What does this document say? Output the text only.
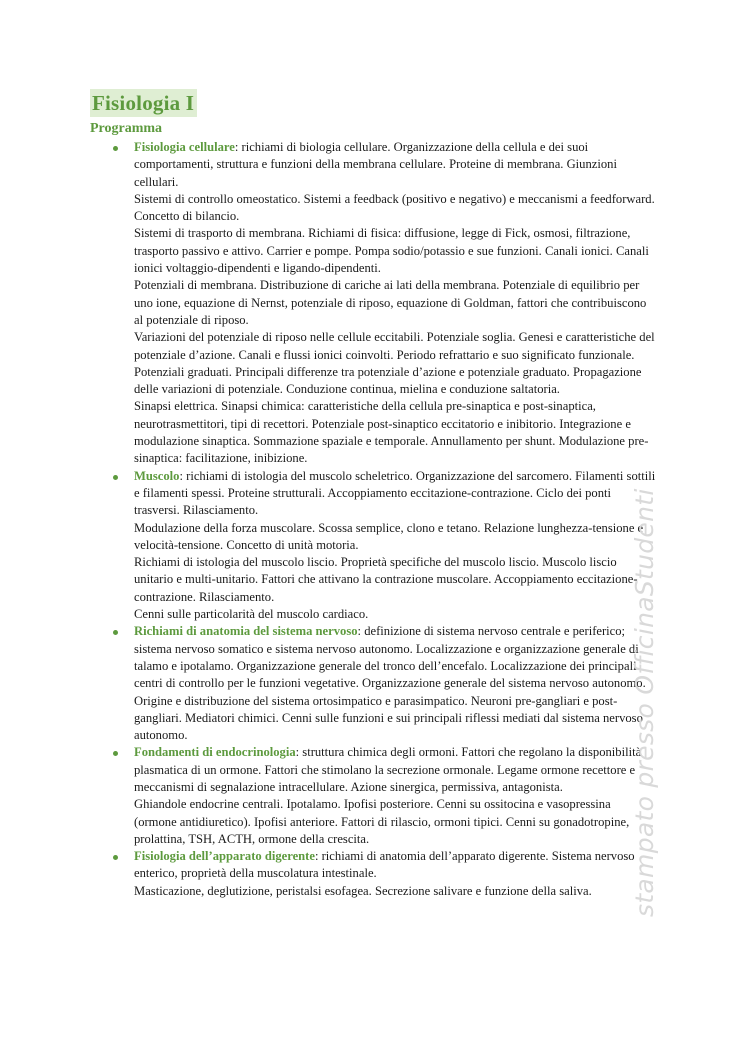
Fisiologia I
Programma

Fisiologia cellulare: richiami di biologia cellulare. Organizzazione della cellula e dei suoi comportamenti, struttura e funzioni della membrana cellulare. Proteine di membrana. Giunzioni cellulari.

Sistemi di controllo omeostatico. Sistemi a feedback (positivo e negativo) e meccanismi a feedforward. Concetto di bilancio.

Sistemi di trasporto di membrana. Richiami di fisica: diffusione, legge di Fick, osmosi, filtrazione, trasporto passivo e attivo. Carrier e pompe. Pompa sodio/potassio e sue funzioni. Canali ionici. Canali ionici voltaggio-dipendenti e ligando-dipendenti.

Potenziali di membrana. Distribuzione di cariche ai lati della membrana. Potenziale di equilibrio per uno ione, equazione di Nernst, potenziale di riposo, equazione di Goldman, fattori che contribuiscono al potenziale di riposo.

Variazioni del potenziale di riposo nelle cellule eccitabili. Potenziale soglia. Genesi e caratteristiche del potenziale d’azione. Canali e flussi ionici coinvolti. Periodo refrattario e suo significato funzionale. Potenziali graduati. Principali differenze tra potenziale d’azione e potenziale graduato. Propagazione delle variazioni di potenziale. Conduzione continua, mielina e conduzione saltatoria.

Sinapsi elettrica. Sinapsi chimica: caratteristiche della cellula pre-sinaptica e post-sinaptica, neurotrasmettitori, tipi di recettori. Potenziale post-sinaptico eccitatorio e inibitorio. Integrazione e modulazione sinaptica. Sommazione spaziale e temporale. Annullamento per shunt. Modulazione pre-sinaptica: facilitazione, inibizione.

Muscolo: richiami di istologia del muscolo scheletrico. Organizzazione del sarcomero. Filamenti sottili e filamenti spessi. Proteine strutturali. Accoppiamento eccitazione-contrazione. Ciclo dei ponti trasversi. Rilasciamento.

Modulazione della forza muscolare. Scossa semplice, clono e tetano. Relazione lunghezza-tensione e velocità-tensione. Concetto di unità motoria.

Richiami di istologia del muscolo liscio. Proprietà specifiche del muscolo liscio. Muscolo liscio unitario e multi-unitario. Fattori che attivano la contrazione muscolare. Accoppiamento eccitazione-contrazione. Rilasciamento.

Cenni sulle particolarità del muscolo cardiaco.

Richiami di anatomia del sistema nervoso: definizione di sistema nervoso centrale e periferico; sistema nervoso somatico e sistema nervoso autonomo. Localizzazione e organizzazione generale di talamo e ipotalamo. Organizzazione generale del tronco dell’encefalo. Localizzazione dei principali centri di controllo per le funzioni vegetative. Organizzazione generale del sistema nervoso autonomo. Origine e distribuzione del sistema ortosimpatico e parasimpatico. Neuroni pre-gangliari e post-gangliari. Mediatori chimici. Cenni sulle funzioni e sui principali riflessi mediati dal sistema nervoso autonomo.

Fondamenti di endocrinologia: struttura chimica degli ormoni. Fattori che regolano la disponibilità plasmatica di un ormone. Fattori che stimolano la secrezione ormonale. Legame ormone recettore e meccanismi di segnalazione intracellulare. Azione sinergica, permissiva, antagonista.

Ghiandole endocrine centrali. Ipotalamo. Ipofisi posteriore. Cenni su ossitocina e vasopressina (ormone antidiuretico). Ipofisi anteriore. Fattori di rilascio, ormoni tipici. Cenni su gonadotropine, prolattina, TSH, ACTH, ormone della crescita.

Fisiologia dell’apparato digerente: richiami di anatomia dell’apparato digerente. Sistema nervoso enterico, proprietà della muscolatura intestinale.

Masticazione, deglutizione, peristalsi esofagea. Secrezione salivare e funzione della saliva.	stampato presso OfficinaStudenti
